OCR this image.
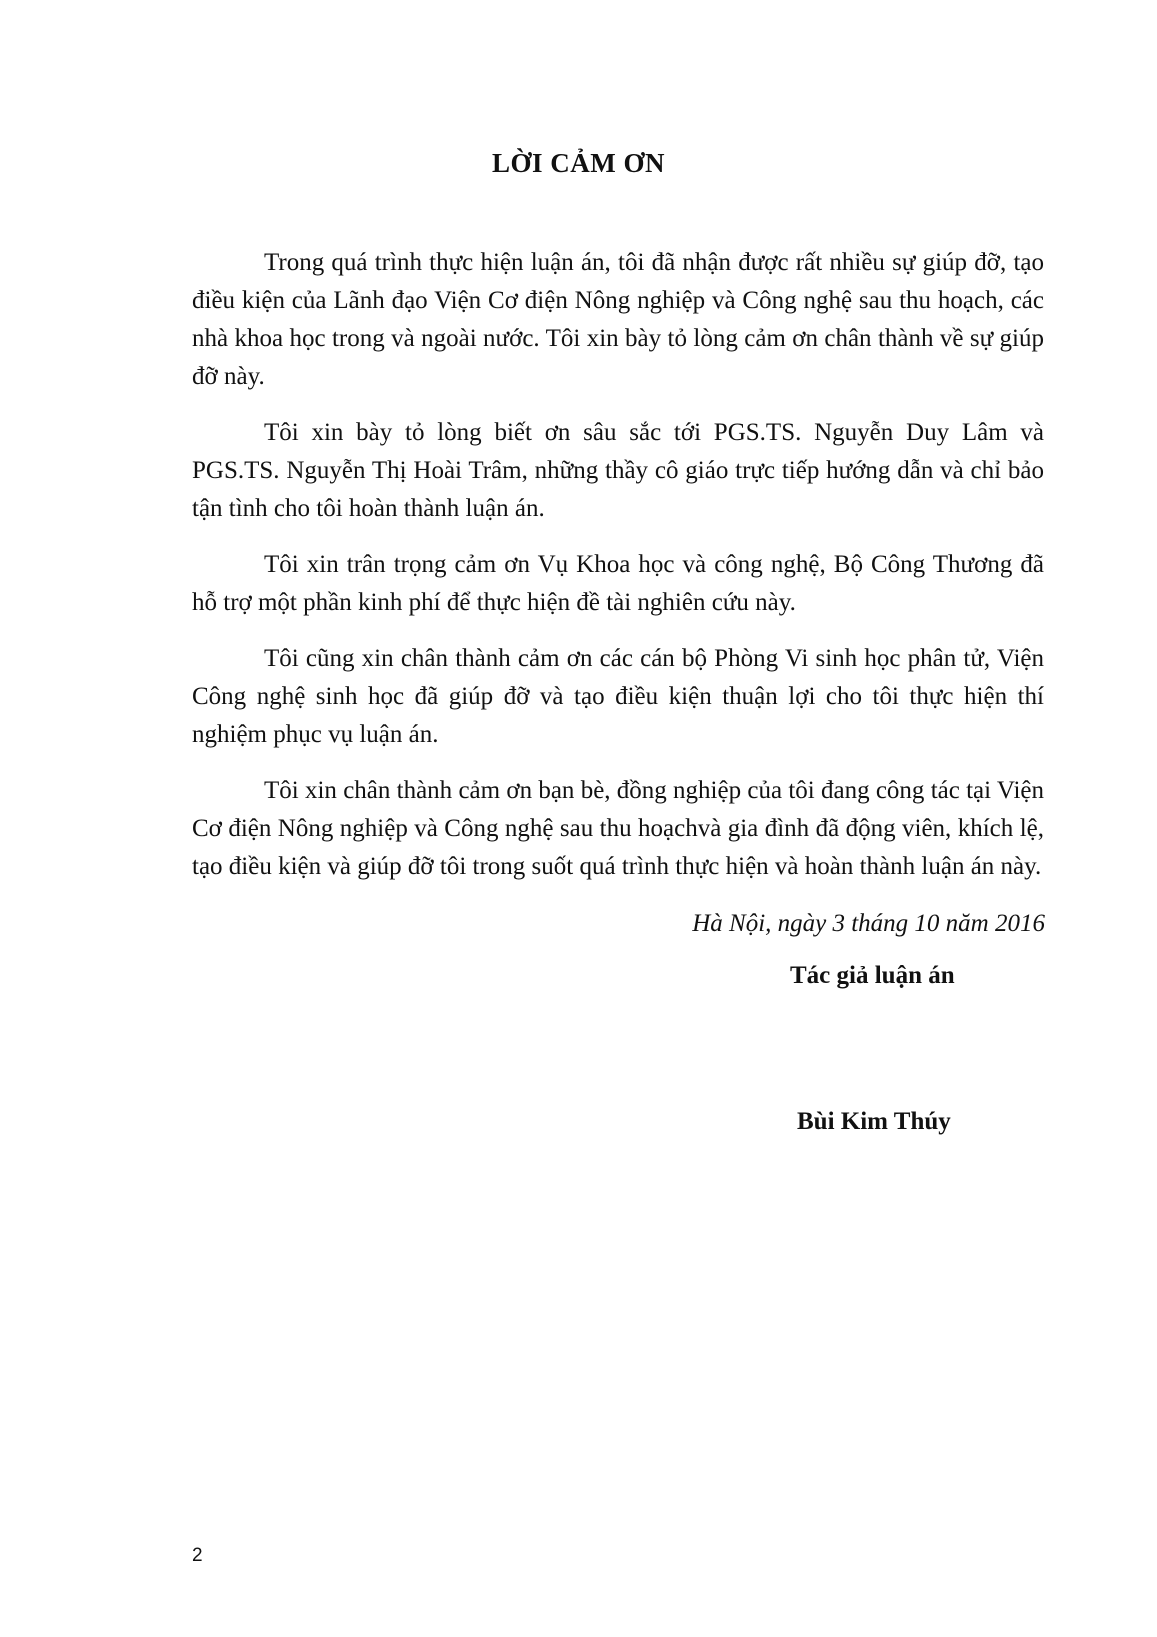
LỜI CẢM ƠN

Trong quá trình thực hiện luận án, tôi đã nhận được rất nhiều sự giúp đỡ, tạo điều kiện của Lãnh đạo Viện Cơ điện Nông nghiệp và Công nghệ sau thu hoạch, các nhà khoa học trong và ngoài nước. Tôi xin bày tỏ lòng cảm ơn chân thành về sự giúp đỡ này.

Tôi xin bày tỏ lòng biết ơn sâu sắc tới PGS.TS. Nguyễn Duy Lâm và PGS.TS. Nguyễn Thị Hoài Trâm, những thầy cô giáo trực tiếp hướng dẫn và chỉ bảo tận tình cho tôi hoàn thành luận án.

Tôi xin trân trọng cảm ơn Vụ Khoa học và công nghệ, Bộ Công Thương đã hỗ trợ một phần kinh phí để thực hiện đề tài nghiên cứu này.

Tôi cũng xin chân thành cảm ơn các cán bộ Phòng Vi sinh học phân tử, Viện Công nghệ sinh học đã giúp đỡ và tạo điều kiện thuận lợi cho tôi thực hiện thí nghiệm phục vụ luận án.

Tôi xin chân thành cảm ơn bạn bè, đồng nghiệp của tôi đang công tác tại Viện Cơ điện Nông nghiệp và Công nghệ sau thu hoạchvà gia đình đã động viên, khích lệ, tạo điều kiện và giúp đỡ tôi trong suốt quá trình thực hiện và hoàn thành luận án này.

Hà Nội, ngày 3 tháng 10 năm 2016

Tác giả luận án

Bùi Kim Thúy

2
